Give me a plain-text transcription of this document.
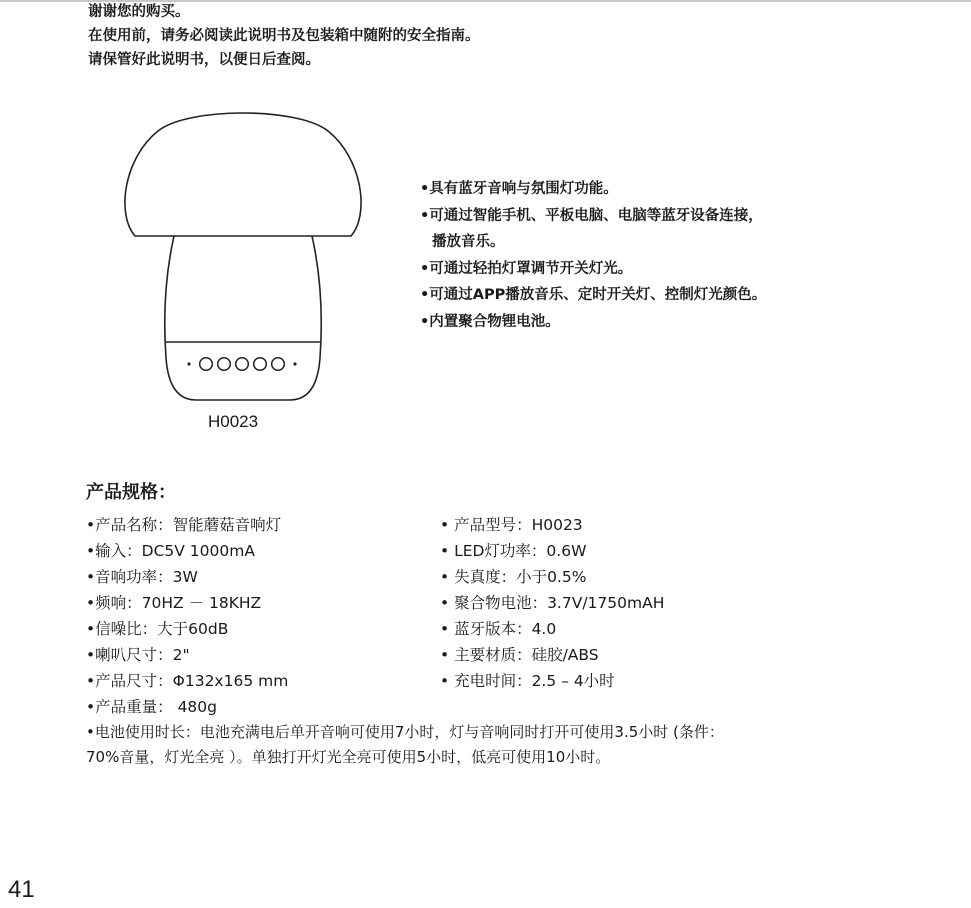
谢谢您的购买。
在使用前，请务必阅读此说明书及包装箱中随附的安全指南。
请保管好此说明书，以便日后查阅。
H0023
•具有蓝牙音响与氛围灯功能。
•可通过智能手机、平板电脑、电脑等蓝牙设备连接，
播放音乐。
•可通过轻拍灯罩调节开关灯光。
•可通过APP播放音乐、定时开关灯、控制灯光颜色。
•内置聚合物锂电池。
产品规格：
•产品名称：智能蘑菇音响灯
•输入：DC5V 1000mA
•音响功率：3W
•频响：70HZ － 18KHZ
•信噪比：大于60dB
•喇叭尺寸：2"
•产品尺寸：Φ132x165 mm
•产品重量： 480g
• 产品型号：H0023
• LED灯功率：0.6W
• 失真度：小于0.5%
• 聚合物电池：3.7V/1750mAH
• 蓝牙版本：4.0
• 主要材质：硅胶/ABS
• 充电时间：2.5 – 4小时
•电池使用时长：电池充满电后单开音响可使用7小时，灯与音响同时打开可使用3.5小时 (条件：
70%音量，灯光全亮 ）。单独打开灯光全亮可使用5小时，低亮可使用10小时。
41
